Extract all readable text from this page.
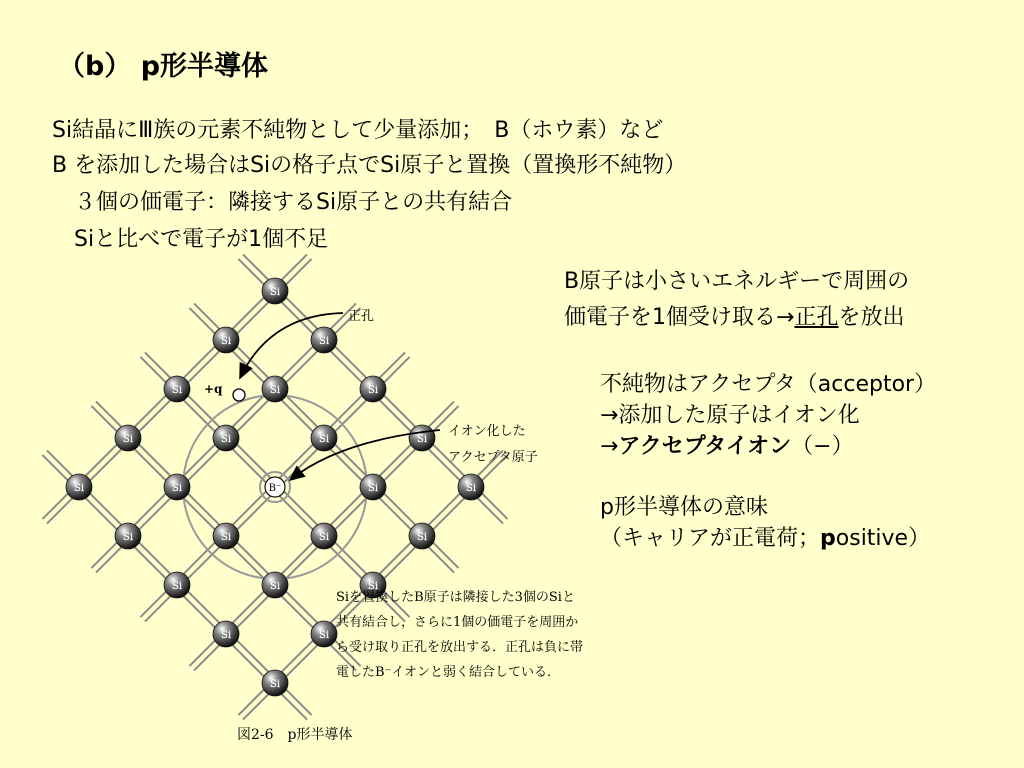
（b） p形半導体
Si結晶にⅢ族の元素不純物として少量添加；　B（ホウ素）など
B を添加した場合はSiの格子点でSi原子と置換（置換形不純物）
３個の価電子：隣接するSi原子との共有結合
Siと比べで電子が1個不足
B原子は小さいエネルギーで周囲の
価電子を1個受け取る→正孔を放出
不純物はアクセプタ（acceptor）
→添加した原子はイオン化
→アクセプタイオン（−）
p形半導体の意味
（キャリアが正電荷；positive）
Si
Si
Si
Si
Si
Si
Si
Si
Si
Si
Si
Si
B⁻
Si
Si
Si
Si
Si
Si
Si
Si
Si
Si
Si
Si
+q
正孔
イオン化した
アクセプタ原子
Siを置換したB原子は隣接した3個のSiと
共有結合し，さらに1個の価電子を周囲か
ら受け取り正孔を放出する．正孔は負に帯
電したB⁻イオンと弱く結合している．
図2-6　p形半導体
